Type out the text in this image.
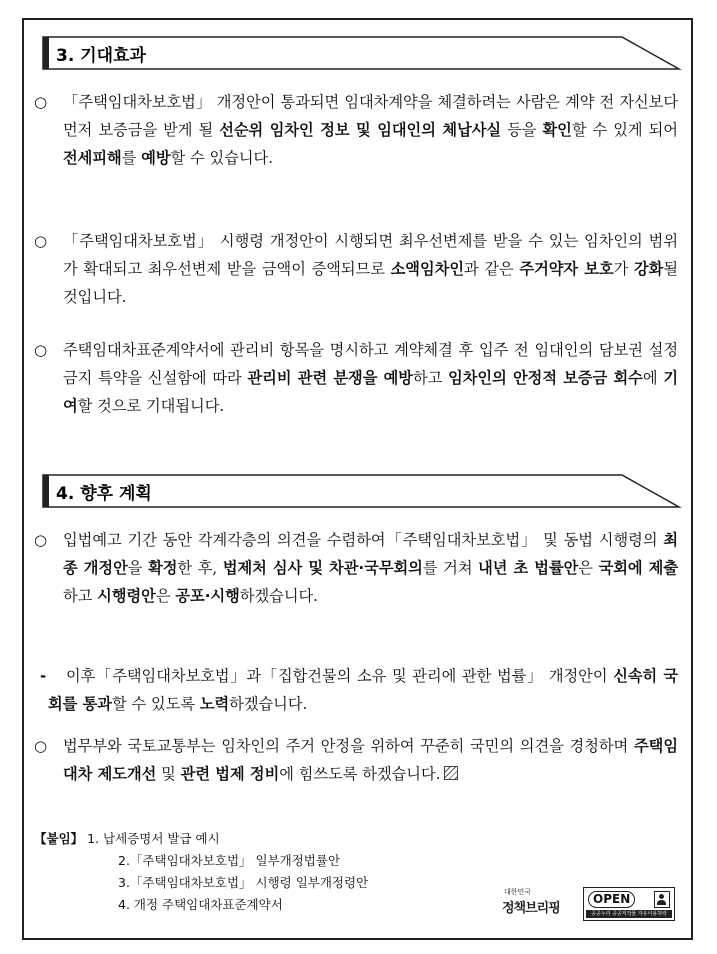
3. 기대효과
○ 「주택임대차보호법」 개정안이 통과되면 임대차계약을 체결하려는 사람은 계약 전 자신보다 먼저 보증금을 받게 될 선순위 임차인 정보 및 임대인의 체납사실 등을 확인할 수 있게 되어 전세피해를 예방할 수 있습니다.
○ 「주택임대차보호법」 시행령 개정안이 시행되면 최우선변제를 받을 수 있는 임차인의 범위가 확대되고 최우선변제 받을 금액이 증액되므로 소액임차인과 같은 주거약자 보호가 강화될 것입니다.
○ 주택임대차표준계약서에 관리비 항목을 명시하고 계약체결 후 입주 전 임대인의 담보권 설정금지 특약을 신설함에 따라 관리비 관련 분쟁을 예방하고 임차인의 안정적 보증금 회수에 기여할 것으로 기대됩니다.
4. 향후 계획
○ 입법예고 기간 동안 각계각층의 의견을 수렴하여「주택임대차보호법」 및 동법 시행령의 최종 개정안을 확정한 후, 법제처 심사 및 차관·국무회의를 거쳐 내년 초 법률안은 국회에 제출하고 시행령안은 공포·시행하겠습니다.
-	이후「주택임대차보호법」과「집합건물의 소유 및 관리에 관한 법률」 개정안이 신속히 국회를 통과할 수 있도록 노력하겠습니다.
○ 법무부와 국토교통부는 임차인의 주거 안정을 위하여 꾸준히 국민의 의견을 경청하며 주택임대차 제도개선 및 관련 법제 정비에 힘쓰도록 하겠습니다.
【붙임】 1. 납세증명서 발급 예시
2.「주택임대차보호법」 일부개정법률안
3.「주택임대차보호법」 시행령 일부개정령안
4. 개정 주택임대차표준계약서
대한민국
정책브리핑
OPEN
공공누리 공공저작물 자유이용허락
